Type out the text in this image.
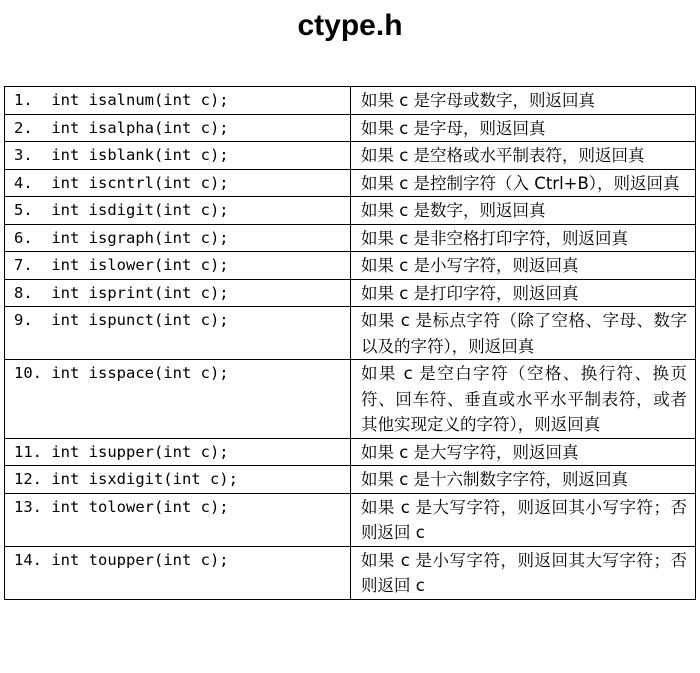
ctype.h
1.  int isalnum(int c);	如果 c 是字母或数字，则返回真
2.  int isalpha(int c);	如果 c 是字母，则返回真
3.  int isblank(int c);	如果 c 是空格或水平制表符，则返回真
4.  int iscntrl(int c);	如果 c 是控制字符（入 Ctrl+B），则返回真
5.  int isdigit(int c);	如果 c 是数字，则返回真
6.  int isgraph(int c);	如果 c 是非空格打印字符，则返回真
7.  int islower(int c);	如果 c 是小写字符，则返回真
8.  int isprint(int c);	如果 c 是打印字符，则返回真
9.  int ispunct(int c);	如果 c 是标点字符（除了空格、字母、数字以及的字符），则返回真
10. int isspace(int c);	如果 c 是空白字符（空格、换行符、换页符、回车符、垂直或水平水平制表符，或者其他实现定义的字符），则返回真
11. int isupper(int c);	如果 c 是大写字符，则返回真
12. int isxdigit(int c);	如果 c 是十六制数字字符，则返回真
13. int tolower(int c);	如果 c 是大写字符，则返回其小写字符；否则返回 c
14. int toupper(int c);	如果 c 是小写字符，则返回其大写字符；否则返回 c
